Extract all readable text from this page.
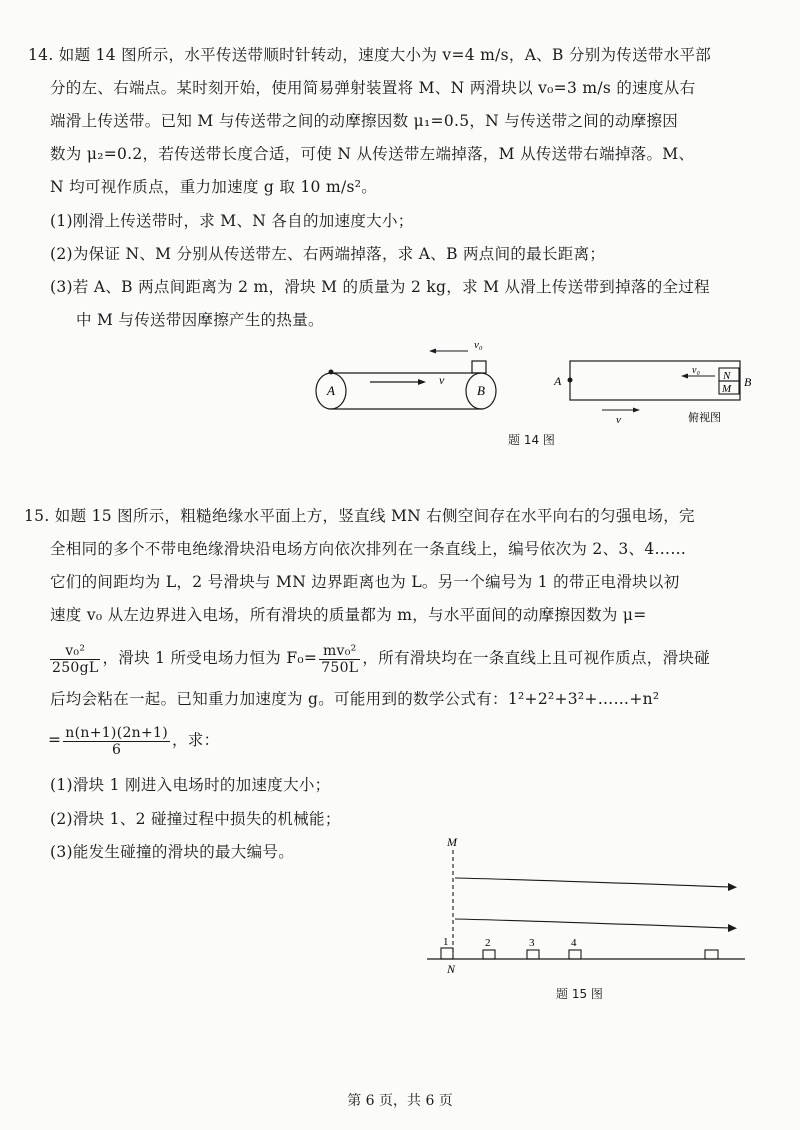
14. 如题 14 图所示，水平传送带顺时针转动，速度大小为 v=4 m/s，A、B 分别为传送带水平部
分的左、右端点。某时刻开始，使用简易弹射装置将 M、N 两滑块以 v₀=3 m/s 的速度从右
端滑上传送带。已知 M 与传送带之间的动摩擦因数 μ₁=0.5，N 与传送带之间的动摩擦因
数为 μ₂=0.2，若传送带长度合适，可使 N 从传送带左端掉落，M 从传送带右端掉落。M、
N 均可视作质点，重力加速度 g 取 10 m/s²。
(1)刚滑上传送带时，求 M、N 各自的加速度大小；
(2)为保证 N、M 分别从传送带左、右两端掉落，求 A、B 两点间的最长距离；
(3)若 A、B 两点间距离为 2 m，滑块 M 的质量为 2 kg，求 M 从滑上传送带到掉落的全过程
中 M 与传送带因摩擦产生的热量。
A	B
v
v₀
A	B
N
M
v₀
v	俯视图
题 14 图
15. 如题 15 图所示，粗糙绝缘水平面上方，竖直线 MN 右侧空间存在水平向右的匀强电场，完
全相同的多个不带电绝缘滑块沿电场方向依次排列在一条直线上，编号依次为 2、3、4……
它们的间距均为 L，2 号滑块与 MN 边界距离也为 L。另一个编号为 1 的带正电滑块以初
速度 v₀ 从左边界进入电场，所有滑块的质量都为 m，与水平面间的动摩擦因数为 μ=
$\frac{\text{v₀²}}{250gL}$ ，滑块 1 所受电场力恒为 $F_0= \frac{\text{mv₀²}}{750L}$ ，所有滑块均在一条直线上且可视作质点，滑块碰
后均会粘在一起。已知重力加速度为 g。可能用到的数学公式有：1²+2²+3²+……+n²
= $\frac{n(n+1)(2n+1)}{6}$ ，求：
(1)滑块 1 刚进入电场时的加速度大小；
(2)滑块 1、2 碰撞过程中损失的机械能；
(3)能发生碰撞的滑块的最大编号。
M
N
1	2	3	4
题 15 图
第 6 页，共 6 页
